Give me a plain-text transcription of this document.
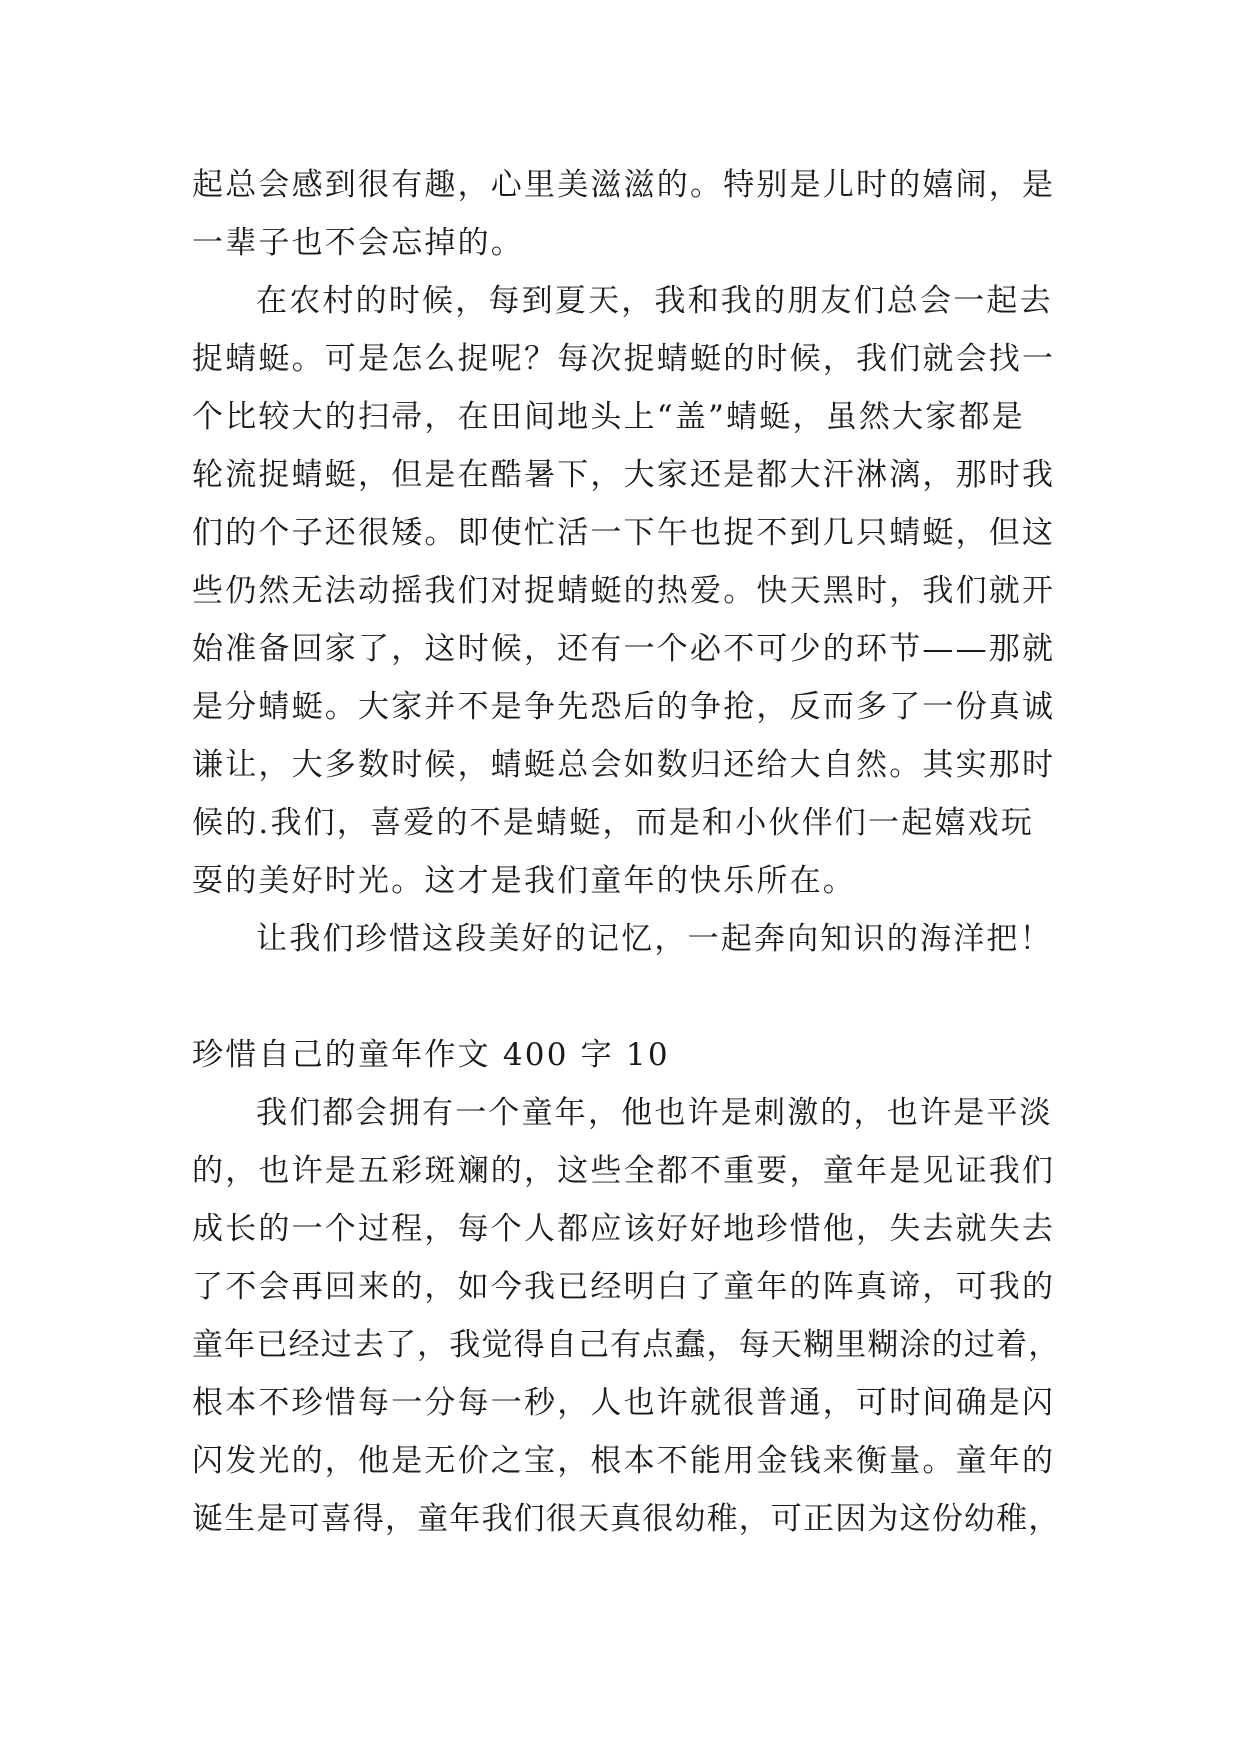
起总会感到很有趣，心里美滋滋的。特别是儿时的嬉闹，是
一辈子也不会忘掉的。
在农村的时候，每到夏天，我和我的朋友们总会一起去
捉蜻蜓。可是怎么捉呢？每次捉蜻蜓的时候，我们就会找一
个比较大的扫帚，在田间地头上“盖”蜻蜓，虽然大家都是
轮流捉蜻蜓，但是在酷暑下，大家还是都大汗淋漓，那时我
们的个子还很矮。即使忙活一下午也捉不到几只蜻蜓，但这
些仍然无法动摇我们对捉蜻蜓的热爱。快天黑时，我们就开
始准备回家了，这时候，还有一个必不可少的环节——那就
是分蜻蜓。大家并不是争先恐后的争抢，反而多了一份真诚
谦让，大多数时候，蜻蜓总会如数归还给大自然。其实那时
候的.我们，喜爱的不是蜻蜓，而是和小伙伴们一起嬉戏玩
耍的美好时光。这才是我们童年的快乐所在。
让我们珍惜这段美好的记忆，一起奔向知识的海洋把！
珍惜自己的童年作文 400 字 10
我们都会拥有一个童年，他也许是刺激的，也许是平淡
的，也许是五彩斑斓的，这些全都不重要，童年是见证我们
成长的一个过程，每个人都应该好好地珍惜他，失去就失去
了不会再回来的，如今我已经明白了童年的阵真谛，可我的
童年已经过去了，我觉得自己有点蠢，每天糊里糊涂的过着，
根本不珍惜每一分每一秒，人也许就很普通，可时间确是闪
闪发光的，他是无价之宝，根本不能用金钱来衡量。童年的
诞生是可喜得，童年我们很天真很幼稚，可正因为这份幼稚，
